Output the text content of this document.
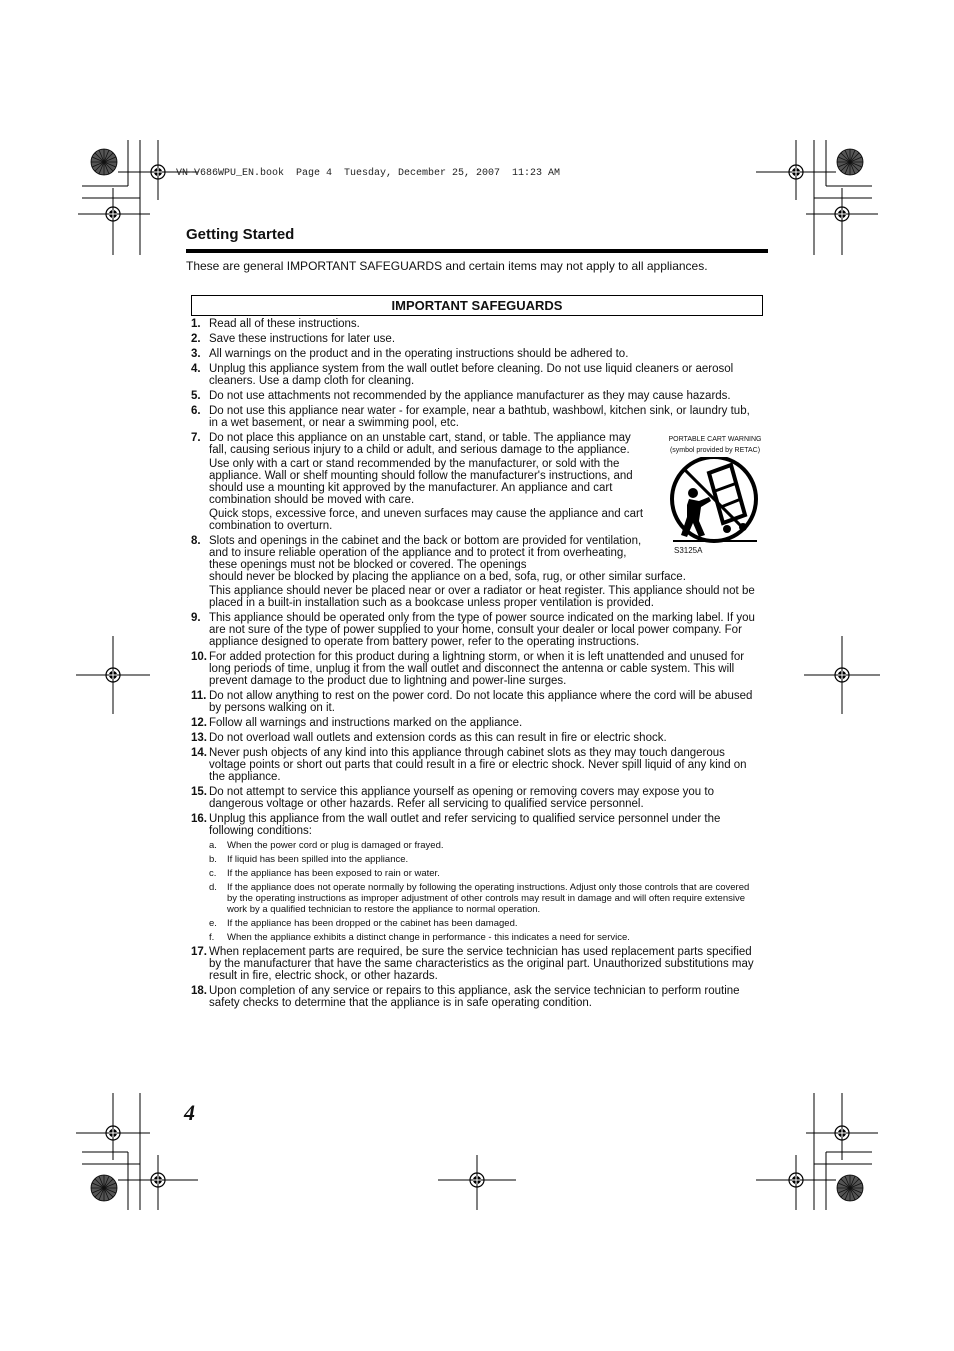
VN-V686WPU_EN.book  Page 4  Tuesday, December 25, 2007  11:23 AM
Getting Started
These are general IMPORTANT SAFEGUARDS and certain items may not apply to all appliances.
IMPORTANT SAFEGUARDS
1. Read all of these instructions.

2. Save these instructions for later use.

3. All warnings on the product and in the operating instructions should be adhered to.

4. Unplug this appliance system from the wall outlet before cleaning. Do not use liquid cleaners or aerosol cleaners. Use a damp cloth for cleaning.

5. Do not use attachments not recommended by the appliance manufacturer as they may cause hazards.

6. Do not use this appliance near water - for example, near a bathtub, washbowl, kitchen sink, or laundry tub, in a wet basement, or near a swimming pool, etc.

7. Do not place this appliance on an unstable cart, stand, or table. The appliance may fall, causing serious injury to a child or adult, and serious damage to the appliance.

Use only with a cart or stand recommended by the manufacturer, or sold with the appliance. Wall or shelf mounting should follow the manufacturer's instructions, and should use a mounting kit approved by the manufacturer. An appliance and cart combination should be moved with care.

Quick stops, excessive force, and uneven surfaces may cause the appliance and cart combination to overturn.

8. Slots and openings in the cabinet and the back or bottom are provided for ventilation, and to insure reliable operation of the appliance and to protect it from overheating, these openings must not be blocked or covered. The openings

should never be blocked by placing the appliance on a bed, sofa, rug, or other similar surface.

This appliance should never be placed near or over a radiator or heat register. This appliance should not be placed in a built-in installation such as a bookcase unless proper ventilation is provided.

9. This appliance should be operated only from the type of power source indicated on the marking label. If you are not sure of the type of power supplied to your home, consult your dealer or local power company. For appliance designed to operate from battery power, refer to the operating instructions.

10. For added protection for this product during a lightning storm, or when it is left unattended and unused for long periods of time, unplug it from the wall outlet and disconnect the antenna or cable system. This will prevent damage to the product due to lightning and power-line surges.

11. Do not allow anything to rest on the power cord. Do not locate this appliance where the cord will be abused by persons walking on it.

12. Follow all warnings and instructions marked on the appliance.

13. Do not overload wall outlets and extension cords as this can result in fire or electric shock.

14. Never push objects of any kind into this appliance through cabinet slots as they may touch dangerous voltage points or short out parts that could result in a fire or electric shock. Never spill liquid of any kind on the appliance.

15. Do not attempt to service this appliance yourself as opening or removing covers may expose you to dangerous voltage or other hazards. Refer all servicing to qualified service personnel.

16. Unplug this appliance from the wall outlet and refer servicing to qualified service personnel under the following conditions:

a. When the power cord or plug is damaged or frayed.
b. If liquid has been spilled into the appliance.
c. If the appliance has been exposed to rain or water.
d. If the appliance does not operate normally by following the operating instructions. Adjust only those controls that are covered by the operating instructions as improper adjustment of other controls may result in damage and will often require extensive work by a qualified technician to restore the appliance to normal operation.
e. If the appliance has been dropped or the cabinet has been damaged.
f. When the appliance exhibits a distinct change in performance - this indicates a need for service.
17. When replacement parts are required, be sure the service technician has used replacement parts specified by the manufacturer that have the same characteristics as the original part. Unauthorized substitutions may result in fire, electric shock, or other hazards.

18. Upon completion of any service or repairs to this appliance, ask the service technician to perform routine safety checks to determine that the appliance is in safe operating condition.

PORTABLE CART WARNING
(symbol provided by RETAC)
S3125A
4
